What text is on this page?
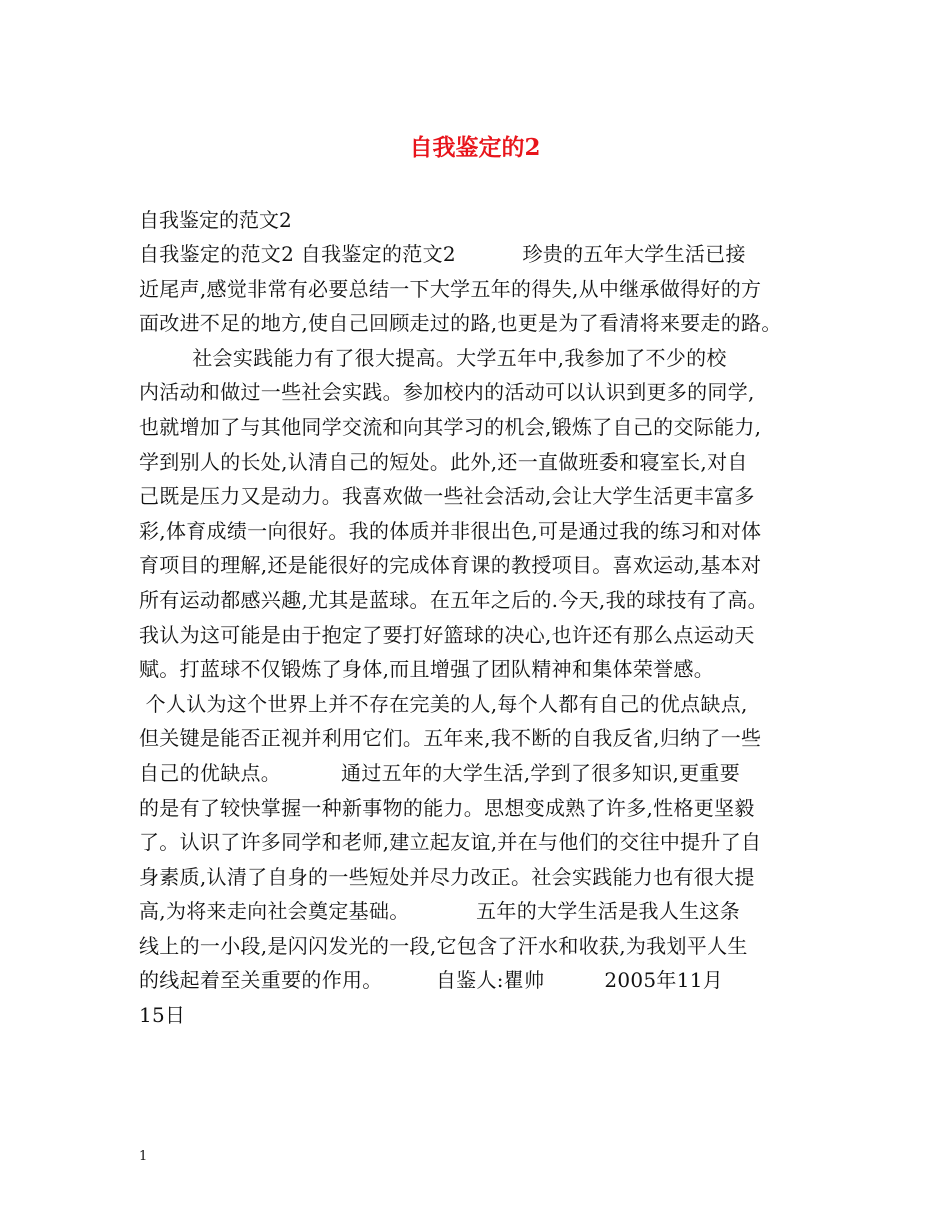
自我鉴定的2
自我鉴定的范文2
自我鉴定的范文2 自我鉴定的范文2          珍贵的五年大学生活已接
近尾声,感觉非常有必要总结一下大学五年的得失,从中继承做得好的方
面改进不足的地方,使自己回顾走过的路,也更是为了看清将来要走的路。
社会实践能力有了很大提高。大学五年中,我参加了不少的校
内活动和做过一些社会实践。参加校内的活动可以认识到更多的同学,
也就增加了与其他同学交流和向其学习的机会,锻炼了自己的交际能力,
学到别人的长处,认清自己的短处。此外,还一直做班委和寝室长,对自
己既是压力又是动力。我喜欢做一些社会活动,会让大学生活更丰富多
彩,体育成绩一向很好。我的体质并非很出色,可是通过我的练习和对体
育项目的理解,还是能很好的完成体育课的教授项目。喜欢运动,基本对
所有运动都感兴趣,尤其是蓝球。在五年之后的.今天,我的球技有了高。
我认为这可能是由于抱定了要打好篮球的决心,也许还有那么点运动天
赋。打蓝球不仅锻炼了身体,而且增强了团队精神和集体荣誉感。
个人认为这个世界上并不存在完美的人,每个人都有自己的优点缺点,
但关键是能否正视并利用它们。五年来,我不断的自我反省,归纳了一些
自己的优缺点。         通过五年的大学生活,学到了很多知识,更重要
的是有了较快掌握一种新事物的能力。思想变成熟了许多,性格更坚毅
了。认识了许多同学和老师,建立起友谊,并在与他们的交往中提升了自
身素质,认清了自身的一些短处并尽力改正。社会实践能力也有很大提
高,为将来走向社会奠定基础。          五年的大学生活是我人生这条
线上的一小段,是闪闪发光的一段,它包含了汗水和收获,为我划平人生
的线起着至关重要的作用。        自鉴人:瞿帅         2005年11月
15日
1
